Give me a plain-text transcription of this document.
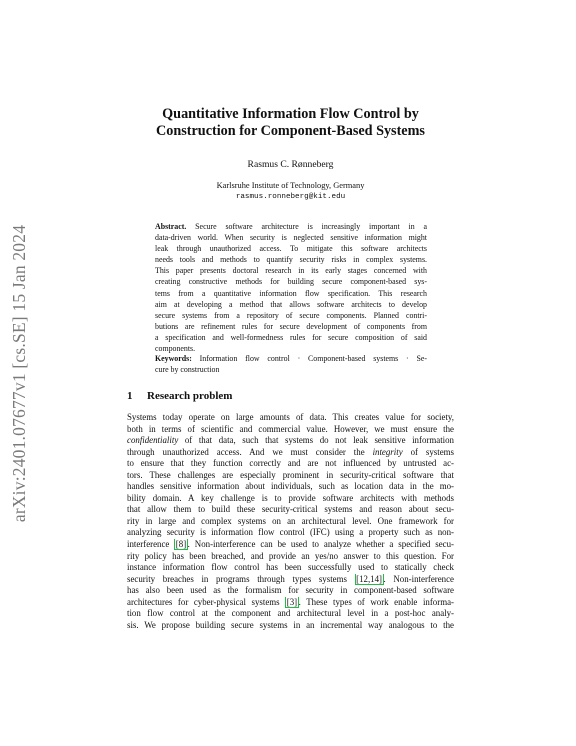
arXiv:2401.07677v1 [cs.SE] 15 Jan 2024
Quantitative Information Flow Control by
Construction for Component-Based Systems
Rasmus C. Rønneberg
Karlsruhe Institute of Technology, Germany
rasmus.ronneberg@kit.edu
Abstract. Secure software architecture is increasingly important in a
data-driven world. When security is neglected sensitive information might
leak through unauthorized access. To mitigate this software architects
needs tools and methods to quantify security risks in complex systems.
This paper presents doctoral research in its early stages concerned with
creating constructive methods for building secure component-based sys-
tems from a quantitative information flow specification. This research
aim at developing a method that allows software architects to develop
secure systems from a repository of secure components. Planned contri-
butions are refinement rules for secure development of components from
a specification and well-formedness rules for secure composition of said
components.
Keywords: Information flow control · Component-based systems · Se-
cure by construction
1 Research problem
Systems today operate on large amounts of data. This creates value for society,
both in terms of scientific and commercial value. However, we must ensure the
confidentiality of that data, such that systems do not leak sensitive information
through unauthorized access. And we must consider the integrity of systems
to ensure that they function correctly and are not influenced by untrusted ac-
tors. These challenges are especially prominent in security-critical software that
handles sensitive information about individuals, such as location data in the mo-
bility domain. A key challenge is to provide software architects with methods
that allow them to build these security-critical systems and reason about secu-
rity in large and complex systems on an architectural level. One framework for
analyzing security is information flow control (IFC) using a property such as non-
interference [8] . Non-interference can be used to analyze whether a specified secu-
rity policy has been breached, and provide an yes/no answer to this question. For
instance information flow control has been successfully used to statically check
security breaches in programs through types systems [12,14] . Non-interference
has also been used as the formalism for security in component-based software
architectures for cyber-physical systems [3] . These types of work enable informa-
tion flow control at the component and architectural level in a post-hoc analy-
sis. We propose building secure systems in an incremental way analogous to the
